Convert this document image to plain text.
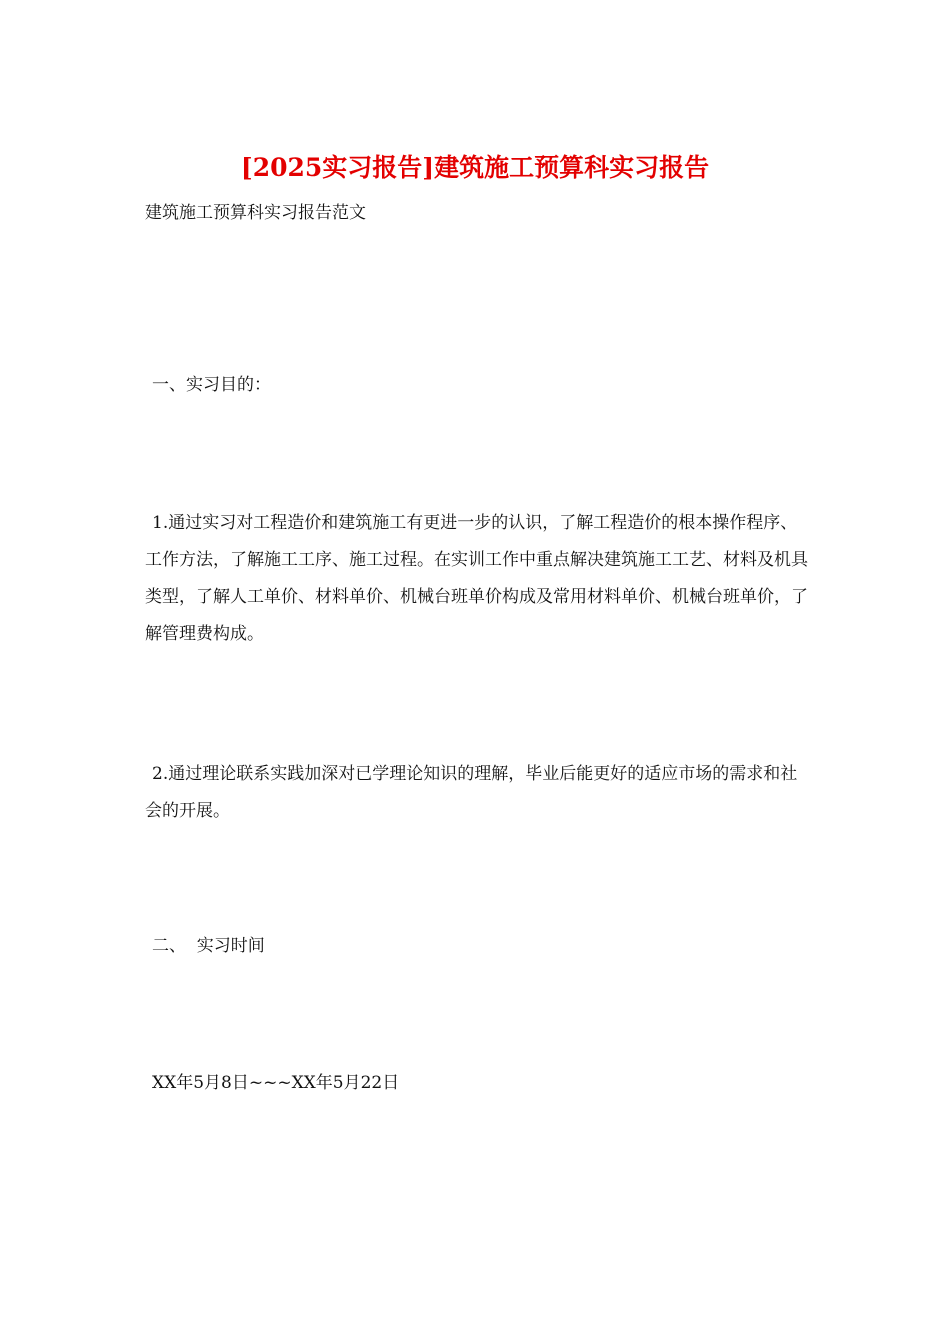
[2025实习报告]建筑施工预算科实习报告

建筑施工预算科实习报告范文

一、实习目的：

1.通过实习对工程造价和建筑施工有更进一步的认识，了解工程造价的根本操作程序、工作方法，了解施工工序、施工过程。在实训工作中重点解决建筑施工工艺、材料及机具类型，了解人工单价、材料单价、机械台班单价构成及常用材料单价、机械台班单价，了解管理费构成。

2.通过理论联系实践加深对已学理论知识的理解，毕业后能更好的适应市场的需求和社会的开展。

二、  实习时间

XX年5月8日~~~XX年5月22日
